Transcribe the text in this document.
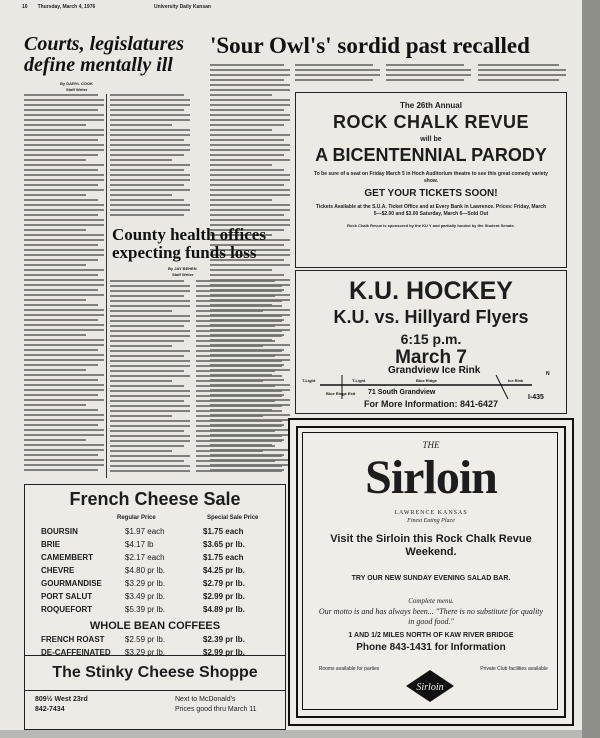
10 Thursday, March 4, 1976	University Daily Kansan
Courts, legislatures define mentally ill
By DARYL COOK
Staff Writer
'Sour Owl's' sordid past recalled
County health offices expecting funds loss
By JAY BEHEN
Staff Writer
The 26th Annual
ROCK CHALK REVUE
will be
A BICENTENNIAL PARODY
To be sure of a seat on Friday March 5 in Hoch Auditorium theatre to see this great comedy variety show.
GET YOUR TICKETS SOON!
Tickets Available at the S.U.A. Ticket Office and at Every Bank in Lawrence. Prices: Friday, March 5—$2.00 and $3.00 Saturday, March 6—Sold Out
Rock Chalk Revue is sponsored by the KU Y and partially funded by the Student Senate.
K.U. HOCKEY
K.U. vs. Hillyard Flyers
6:15 p.m.
March 7
Grandview Ice Rink
T-Light	T-Light	Blue Ridge
Blue Ridge Exit 71 South Grandview
Ice Rink
N
I-435
For More Information: 841-6427
THE
Sirloin
LAWRENCE KANSAS
Finest Eating Place
Visit the Sirloin this Rock Chalk Revue Weekend.
TRY OUR NEW SUNDAY EVENING SALAD BAR.
Complete menu.
Our motto is and has always been... "There is no substitute for quality in good food."
1 AND 1/2 MILES NORTH OF KAW RIVER BRIDGE
Phone 843-1431 for Information
Rooms available for parties	Private Club facilities available
Sirloin
French Cheese Sale
Regular Price	Special Sale Price
WHOLE BEAN COFFEES
The Stinky Cheese Shoppe
809½ West 23rd
842-7434
Next to McDonald's
Prices good thru March 11
BOURSIN	$1.97 each	$1.75 each
BRIE	$4.17 lb	$3.65 pr lb.
CAMEMBERT	$2.17 each	$1.75 each
CHEVRE	$4.80 pr lb.	$4.25 pr lb.
GOURMANDISE	$3.29 pr lb.	$2.79 pr lb.
PORT SALUT	$3.49 pr lb.	$2.99 pr lb.
ROQUEFORT	$5.39 pr lb.	$4.89 pr lb.
FRENCH ROAST	$2.59 pr lb.	$2.39 pr lb.
DE-CAFFEINATED $3.29 pr lb.	$2.99 pr lb.
